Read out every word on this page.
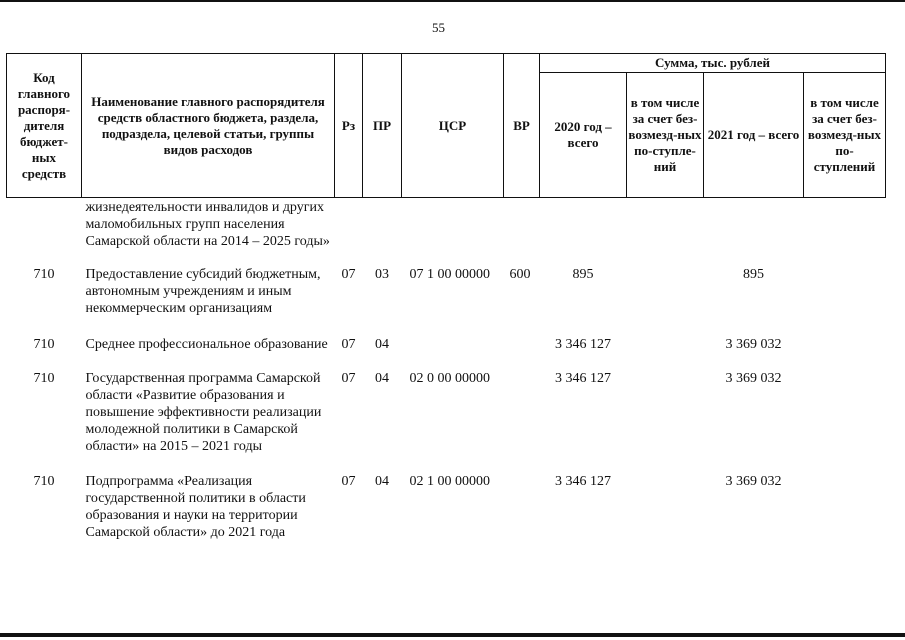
55
Код главного распоря-дителя бюджет-ных средств	Наименование главного распорядителя средств областного бюджета, раздела, подраздела, целевой статьи, группы видов расходов	Рз	ПР	ЦСР	ВР	Сумма, тыс. рублей			
						2020 год – всего	в том числе за счет без-возмезд-ных по-ступле-ний	2021 год – всего	в том числе за счет без-возмезд-ных по-ступлений
	жизнедеятельности инвалидов и других маломобильных групп населения Самарской области на 2014 – 2025 годы»								
710	Предоставление субсидий бюджетным, автономным учреждениям и иным некоммерческим организациям	07	03	07 1 00 00000	600	895		895	
710	Среднее профессиональное образование	07	04			3 346 127		3 369 032	
710	Государственная программа Самарской области «Развитие образования и повышение эффективности реализации молодежной политики в Самарской области» на 2015 – 2021 годы	07	04	02 0 00 00000		3 346 127		3 369 032	
710	Подпрограмма «Реализация государственной политики в области образования и науки на территории Самарской области» до 2021 года	07	04	02 1 00 00000		3 346 127		3 369 032	
